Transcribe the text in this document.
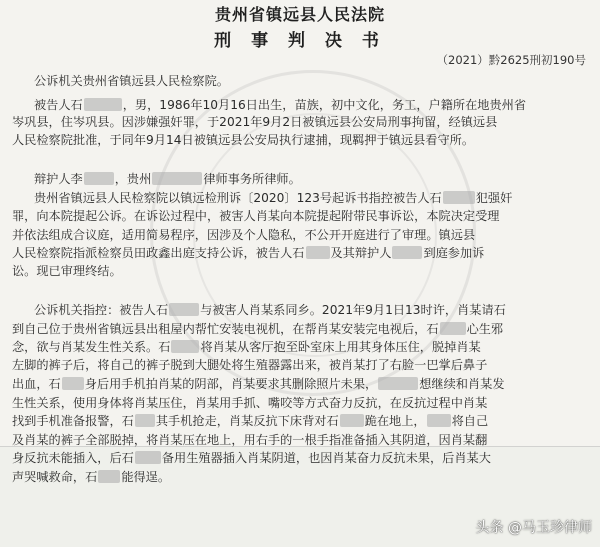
贵州省镇远县人民法院
刑 事 判 决 书
（2021）黔2625刑初190号
公诉机关贵州省镇远县人民检察院。
被告人石	，男，1986年10月16日出生，苗族，初中文化，务工，户籍所在地贵州省
岑巩县，住岑巩县。因涉嫌强奸罪，于2021年9月2日被镇远县公安局刑事拘留，经镇远县
人民检察院批准，于同年9月14日被镇远县公安局执行逮捕，现羁押于镇远县看守所。
辩护人李	，贵州	律师事务所律师。
贵州省镇远县人民检察院以镇远检刑诉〔2020〕123号起诉书指控被告人石	犯强奸
罪，向本院提起公诉。在诉讼过程中，被害人肖某向本院提起附带民事诉讼，本院决定受理
并依法组成合议庭，适用简易程序，因涉及个人隐私，不公开开庭进行了审理。镇远县
人民检察院指派检察员田政鑫出庭支持公诉，被告人石 及其辩护人	到庭参加诉
讼。现已审理终结。
公诉机关指控：被告人石	与被害人肖某系同乡。2021年9月1日13时许，肖某请石
到自己位于贵州省镇远县出租屋内帮忙安装电视机，在帮肖某安装完电视后，石 心生邪
念，欲与肖某发生性关系。石 将肖某从客厅抱至卧室床上用其身体压住，脱掉肖某
左脚的裤子后，将自己的裤子脱到大腿处将生殖器露出来，被肖某打了右脸一巴掌后鼻子
出血，石 身后用手机拍肖某的阴部，肖某要求其删除照片未果，	想继续和肖某发
生性关系，使用身体将肖某压住，肖某用手抓、嘴咬等方式奋力反抗，在反抗过程中肖某
找到手机准备报警，石 其手机抢走，肖某反抗下床背对石 跪在地上， 将自己
及肖某的裤子全部脱掉，将肖某压在地上，用右手的一根手指准备插入其阴道，因肖某翻
身反抗未能插入，后石 备用生殖器插入肖某阴道，也因肖某奋力反抗未果，后肖某大
声哭喊救命，石 能得逞。
头条 @马玉珍律师
